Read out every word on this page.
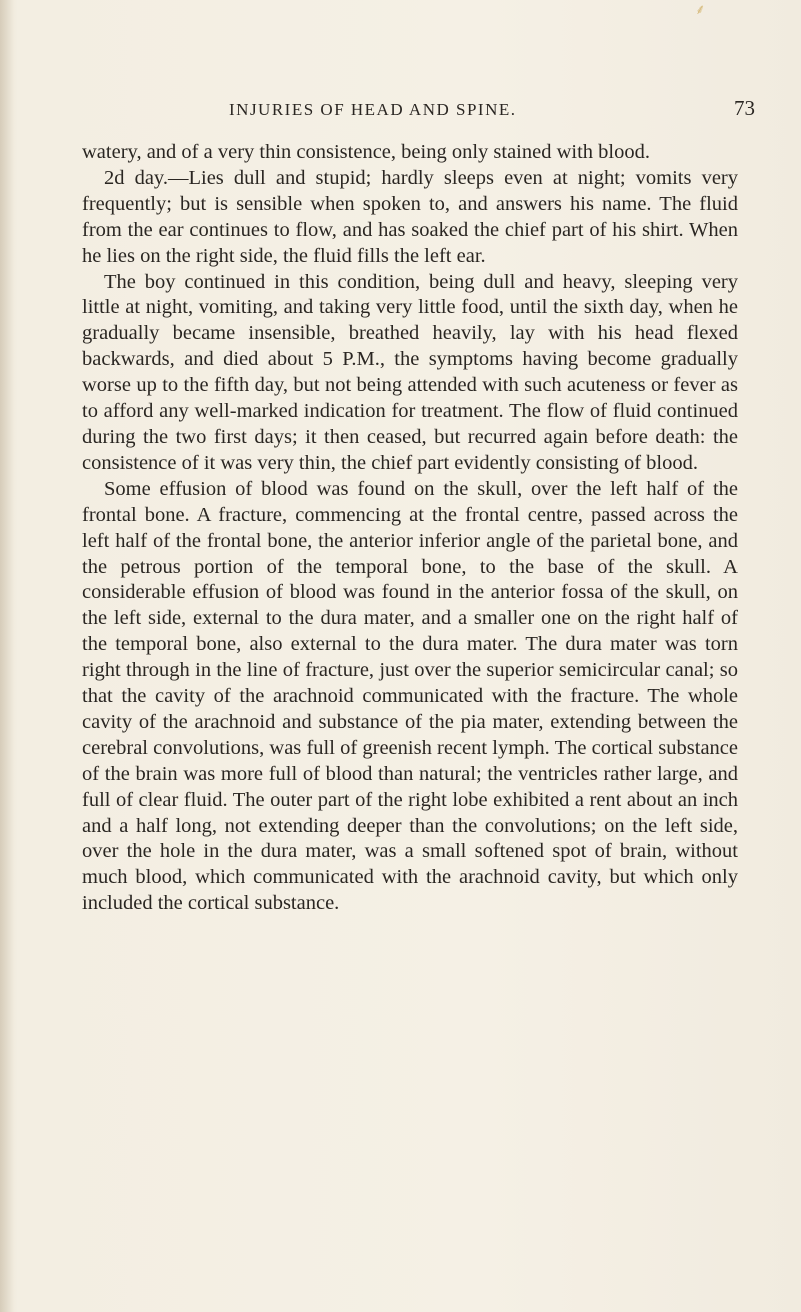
⸙
INJURIES OF HEAD AND SPINE.	73

watery, and of a very thin consistence, being only stained with blood.

2d day.—Lies dull and stupid; hardly sleeps even at night; vomits very frequently; but is sensible when spoken to, and answers his name. The fluid from the ear continues to flow, and has soaked the chief part of his shirt. When he lies on the right side, the fluid fills the left ear.

The boy continued in this condition, being dull and heavy, sleeping very little at night, vomiting, and taking very little food, until the sixth day, when he gradually became insensible, breathed heavily, lay with his head flexed backwards, and died about 5 P.M., the symptoms having become gradually worse up to the fifth day, but not being attended with such acuteness or fever as to afford any well-marked indication for treatment. The flow of fluid continued during the two first days; it then ceased, but recurred again before death: the consistence of it was very thin, the chief part evidently consisting of blood.

Some effusion of blood was found on the skull, over the left half of the frontal bone. A fracture, commencing at the frontal centre, passed across the left half of the frontal bone, the anterior inferior angle of the parietal bone, and the petrous portion of the temporal bone, to the base of the skull. A considerable effusion of blood was found in the anterior fossa of the skull, on the left side, external to the dura mater, and a smaller one on the right half of the temporal bone, also external to the dura mater. The dura mater was torn right through in the line of fracture, just over the superior semicircular canal; so that the cavity of the arachnoid communicated with the fracture. The whole cavity of the arachnoid and substance of the pia mater, extending between the cerebral convolutions, was full of greenish recent lymph. The cortical substance of the brain was more full of blood than natural; the ventricles rather large, and full of clear fluid. The outer part of the right lobe exhibited a rent about an inch and a half long, not extending deeper than the convolutions; on the left side, over the hole in the dura mater, was a small softened spot of brain, without much blood, which communicated with the arachnoid cavity, but which only included the cortical substance.
